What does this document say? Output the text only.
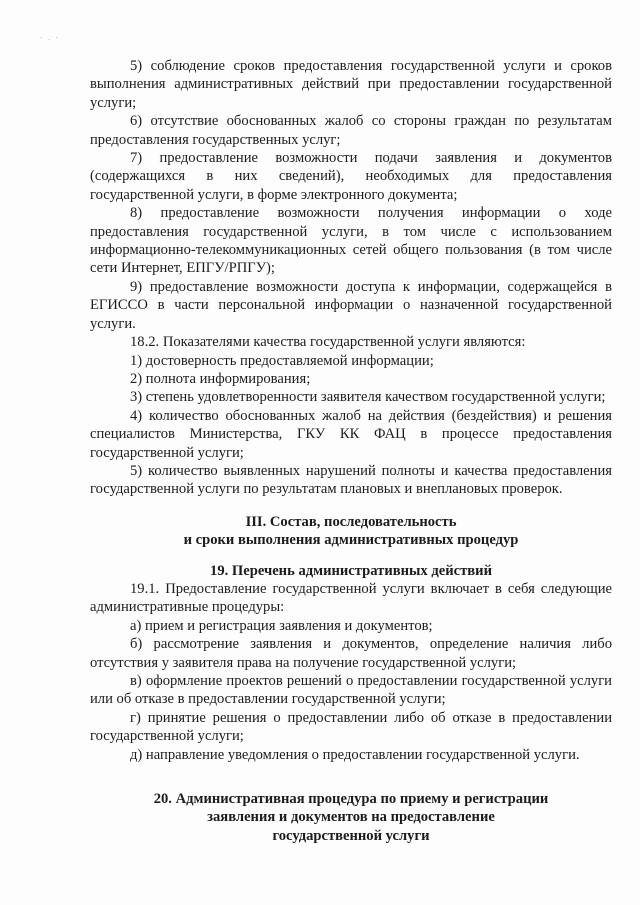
· . ·

5) соблюдение сроков предоставления государственной услуги и сроков выполнения административных действий при предоставлении государственной услуги;

6) отсутствие обоснованных жалоб со стороны граждан по результатам предоставления государственных услуг;

7) предоставление возможности подачи заявления и документов (содержащихся в них сведений), необходимых для предоставления государственной услуги, в форме электронного документа;

8) предоставление возможности получения информации о ходе предоставления государственной услуги, в том числе с использованием информационно-телекоммуникационных сетей общего пользования (в том числе сети Интернет, ЕПГУ/РПГУ);

9) предоставление возможности доступа к информации, содержащейся в ЕГИССО в части персональной информации о назначенной государственной услуги.

18.2. Показателями качества государственной услуги являются:

1) достоверность предоставляемой информации;

2) полнота информирования;

3) степень удовлетворенности заявителя качеством государственной услуги;

4) количество обоснованных жалоб на действия (бездействия) и решения специалистов Министерства, ГКУ КК ФАЦ в процессе предоставления государственной услуги;

5) количество выявленных нарушений полноты и качества предоставления государственной услуги по результатам плановых и внеплановых проверок.

III. Состав, последовательность
и сроки выполнения административных процедур

19. Перечень административных действий

19.1. Предоставление государственной услуги включает в себя следующие административные процедуры:

а) прием и регистрация заявления и документов;

б) рассмотрение заявления и документов, определение наличия либо отсутствия у заявителя права на получение государственной услуги;

в) оформление проектов решений о предоставлении государственной услуги или об отказе в предоставлении государственной услуги;

г) принятие решения о предоставлении либо об отказе в предоставлении государственной услуги;

д) направление уведомления о предоставлении государственной услуги.

20. Административная процедура по приему и регистрации
заявления и документов на предоставление
государственной услуги
